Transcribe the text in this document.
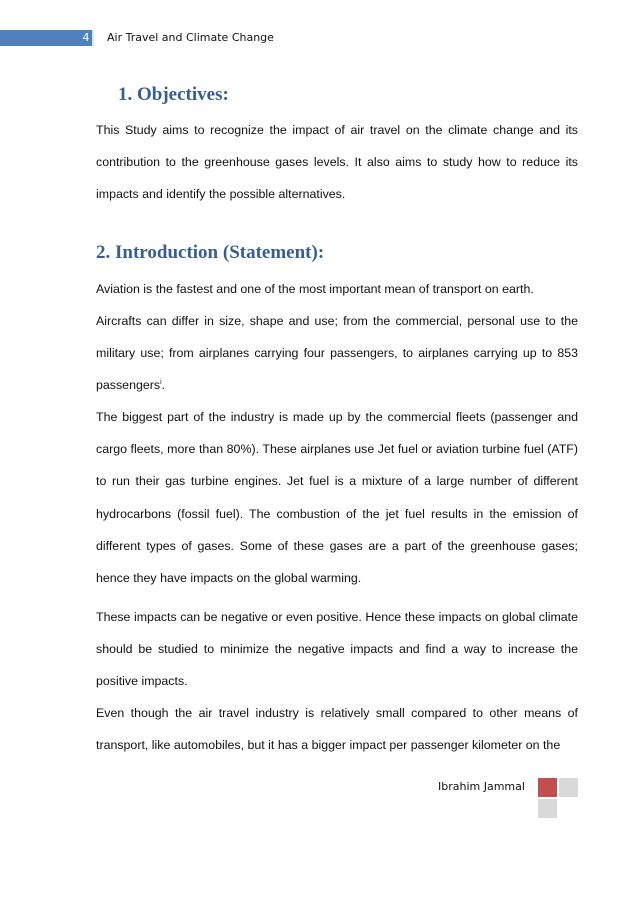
4 Air Travel and Climate Change
1. Objectives:

This Study aims to recognize the impact of air travel on the climate change and its contribution to the greenhouse gases levels. It also aims to study how to reduce its impacts and identify the possible alternatives.

2. Introduction (Statement):

Aviation is the fastest and one of the most important mean of transport on earth.

Aircrafts can differ in size, shape and use; from the commercial, personal use to the military use; from airplanes carrying four passengers, to airplanes carrying up to 853 passengers$^i$.

The biggest part of the industry is made up by the commercial fleets (passenger and cargo fleets, more than 80%). These airplanes use Jet fuel or aviation turbine fuel (ATF) to run their gas turbine engines. Jet fuel is a mixture of a large number of different hydrocarbons (fossil fuel). The combustion of the jet fuel results in the emission of different types of gases. Some of these gases are a part of the greenhouse gases; hence they have impacts on the global warming.

These impacts can be negative or even positive. Hence these impacts on global climate should be studied to minimize the negative impacts and find a way to increase the positive impacts.

Even though the air travel industry is relatively small compared to other means of transport, like automobiles, but it has a bigger impact per passenger kilometer on the

Ibrahim Jammal
